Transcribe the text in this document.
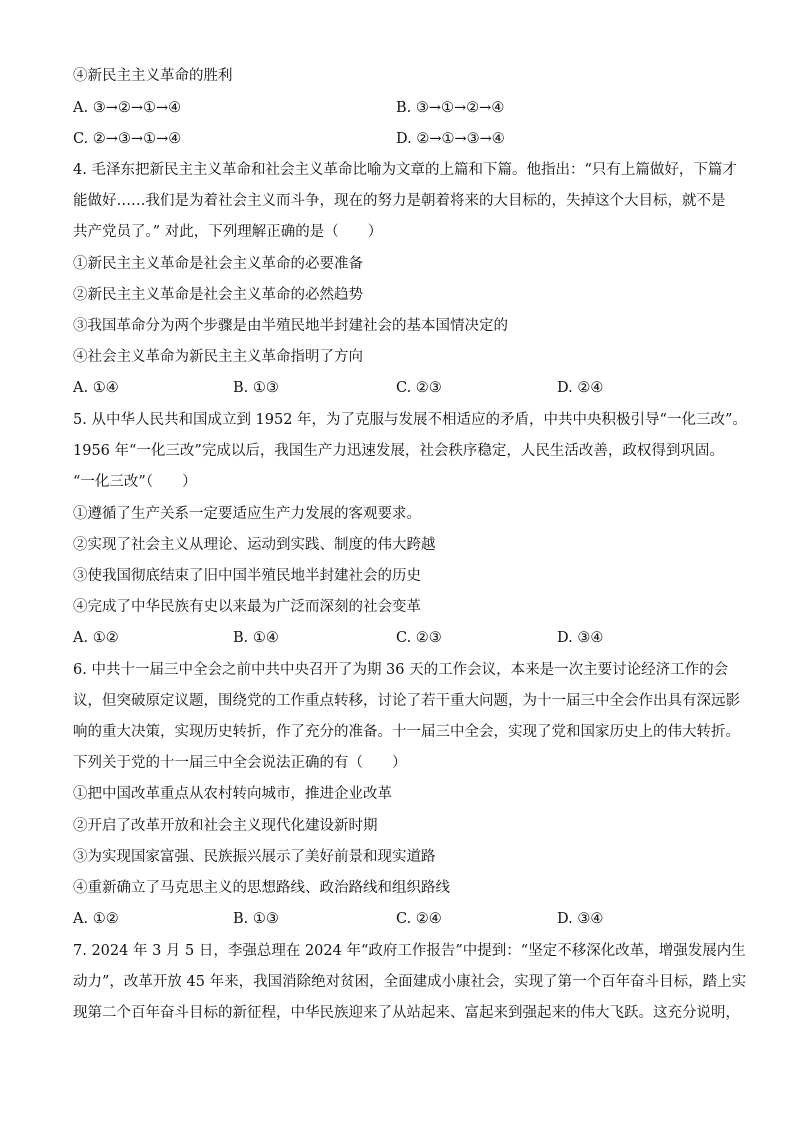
④新民主主义革命的胜利
A. ③→②→①→④	B. ③→①→②→④
C. ②→③→①→④	D. ②→①→③→④
4. 毛泽东把新民主主义革命和社会主义革命比喻为文章的上篇和下篇。他指出：“只有上篇做好，下篇才
能做好……我们是为着社会主义而斗争，现在的努力是朝着将来的大目标的，失掉这个大目标，就不是
共产党员了。” 对此，下列理解正确的是（　　）
①新民主主义革命是社会主义革命的必要准备
②新民主主义革命是社会主义革命的必然趋势
③我国革命分为两个步骤是由半殖民地半封建社会的基本国情决定的
④社会主义革命为新民主主义革命指明了方向
A. ①④	B. ①③	C. ②③	D. ②④
5. 从中华人民共和国成立到 1952 年，为了克服与发展不相适应的矛盾，中共中央积极引导“一化三改”。
1956 年“一化三改”完成以后，我国生产力迅速发展，社会秩序稳定，人民生活改善，政权得到巩固。
“一化三改”（　　）
①遵循了生产关系一定要适应生产力发展的客观要求。
②实现了社会主义从理论、运动到实践、制度的伟大跨越
③使我国彻底结束了旧中国半殖民地半封建社会的历史
④完成了中华民族有史以来最为广泛而深刻的社会变革
A. ①②	B. ①④	C. ②③	D. ③④
6. 中共十一届三中全会之前中共中央召开了为期 36 天的工作会议，本来是一次主要讨论经济工作的会
议，但突破原定议题，围绕党的工作重点转移，讨论了若干重大问题，为十一届三中全会作出具有深远影
响的重大决策，实现历史转折，作了充分的准备。十一届三中全会，实现了党和国家历史上的伟大转折。
下列关于党的十一届三中全会说法正确的有（　　）
①把中国改革重点从农村转向城市，推进企业改革
②开启了改革开放和社会主义现代化建设新时期
③为实现国家富强、民族振兴展示了美好前景和现实道路
④重新确立了马克思主义的思想路线、政治路线和组织路线
A. ①②	B. ①③	C. ②④	D. ③④
7. 2024 年 3 月 5 日，李强总理在 2024 年“政府工作报告”中提到：“坚定不移深化改革，增强发展内生
动力”，改革开放 45 年来，我国消除绝对贫困，全面建成小康社会，实现了第一个百年奋斗目标，踏上实
现第二个百年奋斗目标的新征程，中华民族迎来了从站起来、富起来到强起来的伟大飞跃。这充分说明，
